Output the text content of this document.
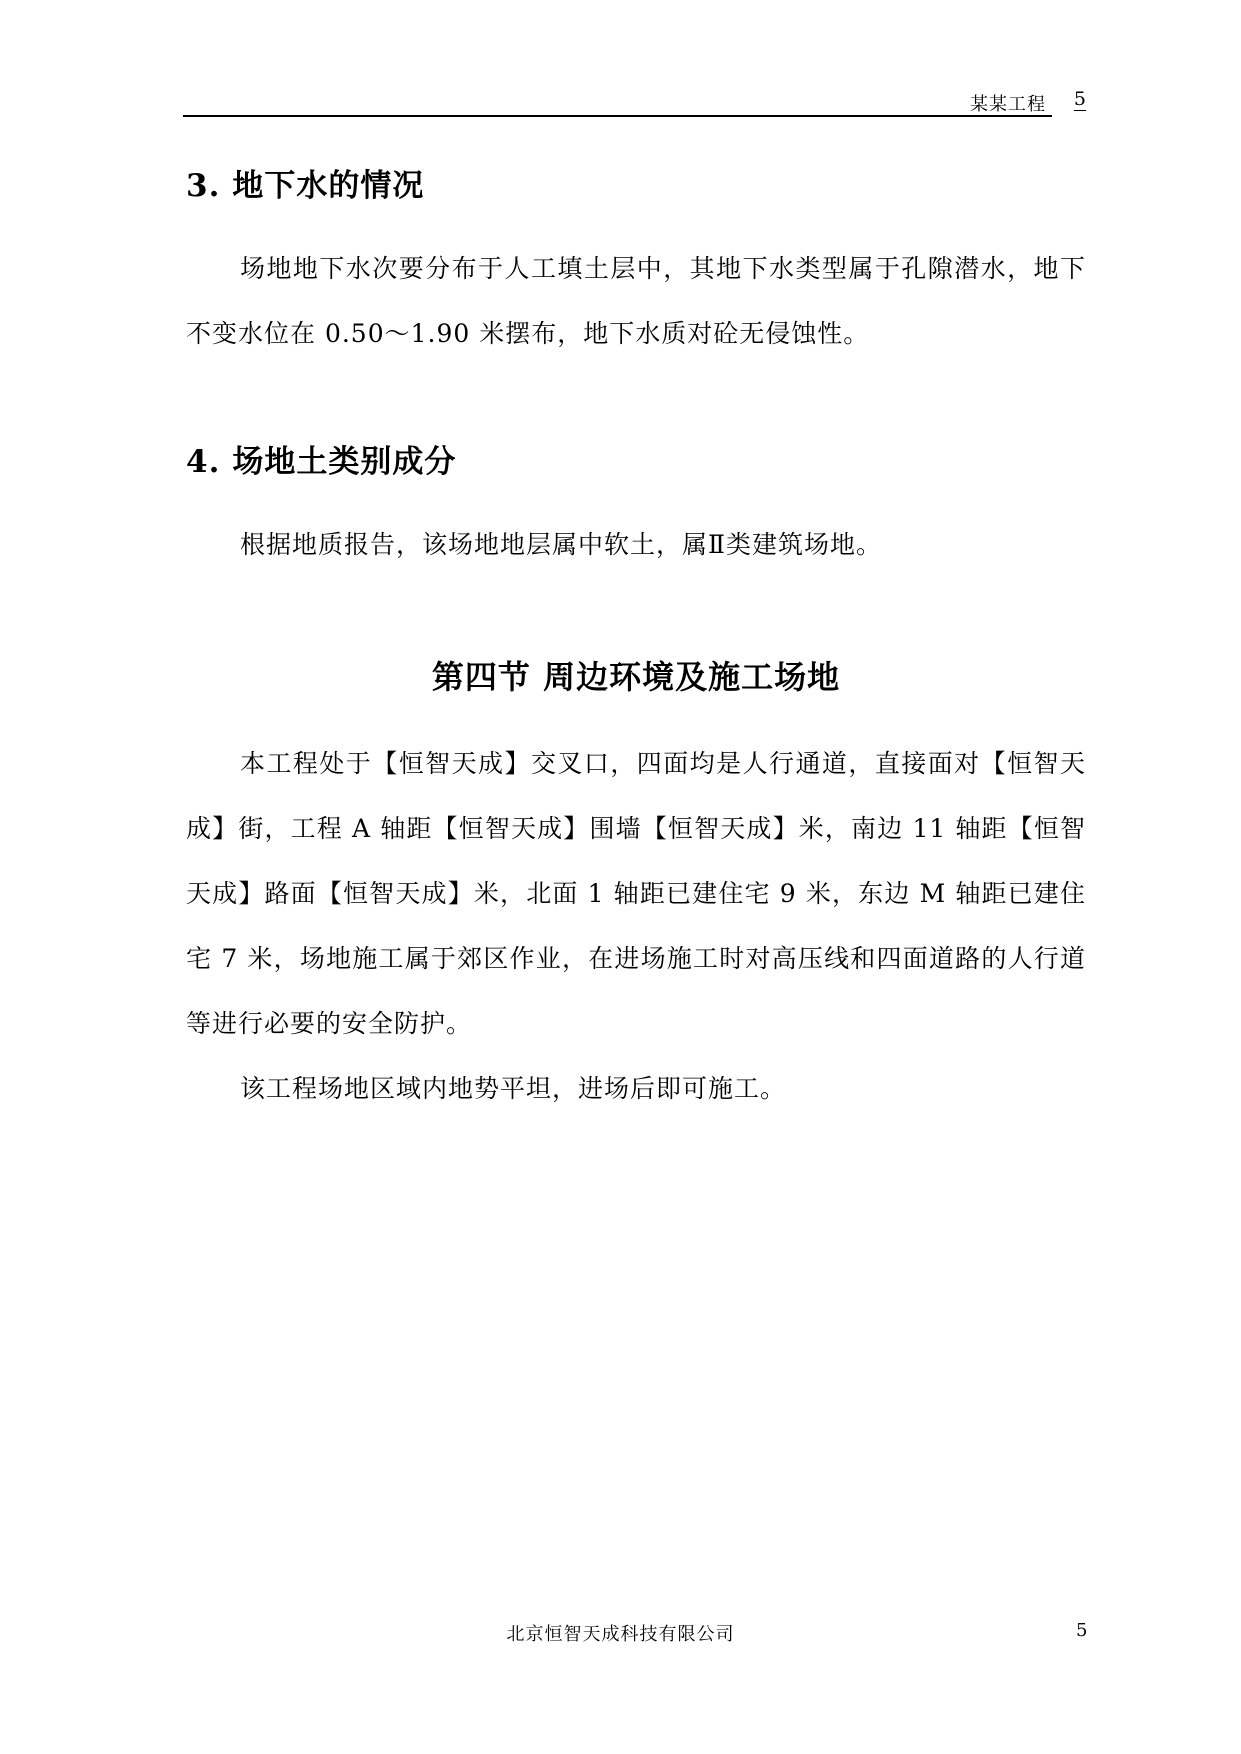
某某工程 5
3. 地下水的情况

场地地下水次要分布于人工填土层中，其地下水类型属于孔隙潜水，地下不变水位在 0.50～1.90 米摆布，地下水质对砼无侵蚀性。

4. 场地土类别成分

根据地质报告，该场地地层属中软土，属Ⅱ类建筑场地。

第四节 周边环境及施工场地

本工程处于【恒智天成】交叉口，四面均是人行通道，直接面对【恒智天成】街，工程 A 轴距【恒智天成】围墙【恒智天成】米，南边 11 轴距【恒智天成】路面【恒智天成】米，北面 1 轴距已建住宅 9 米，东边 M 轴距已建住宅 7 米，场地施工属于郊区作业，在进场施工时对高压线和四面道路的人行道等进行必要的安全防护。

该工程场地区域内地势平坦，进场后即可施工。

北京恒智天成科技有限公司	5
